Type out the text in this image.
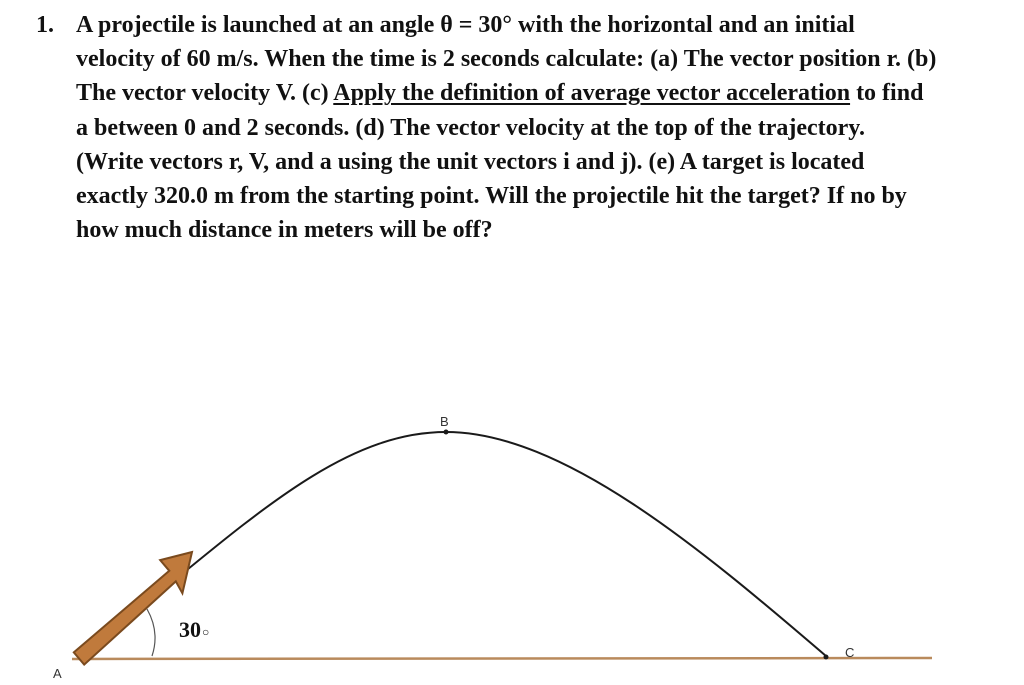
1. A projectile is launched at an angle θ = 30° with the horizontal and an initial
velocity of 60 m/s. When the time is 2 seconds calculate: (a) The vector position r. (b)
The vector velocity V. (c) Apply the definition of average vector acceleration to find
a between 0 and 2 seconds. (d) The vector velocity at the top of the trajectory.
(Write vectors r, V, and a using the unit vectors i and j). (e) A target is located
exactly 320.0 m from the starting point. Will the projectile hit the target? If no by
how much distance in meters will be off?
A
B
C
30○
